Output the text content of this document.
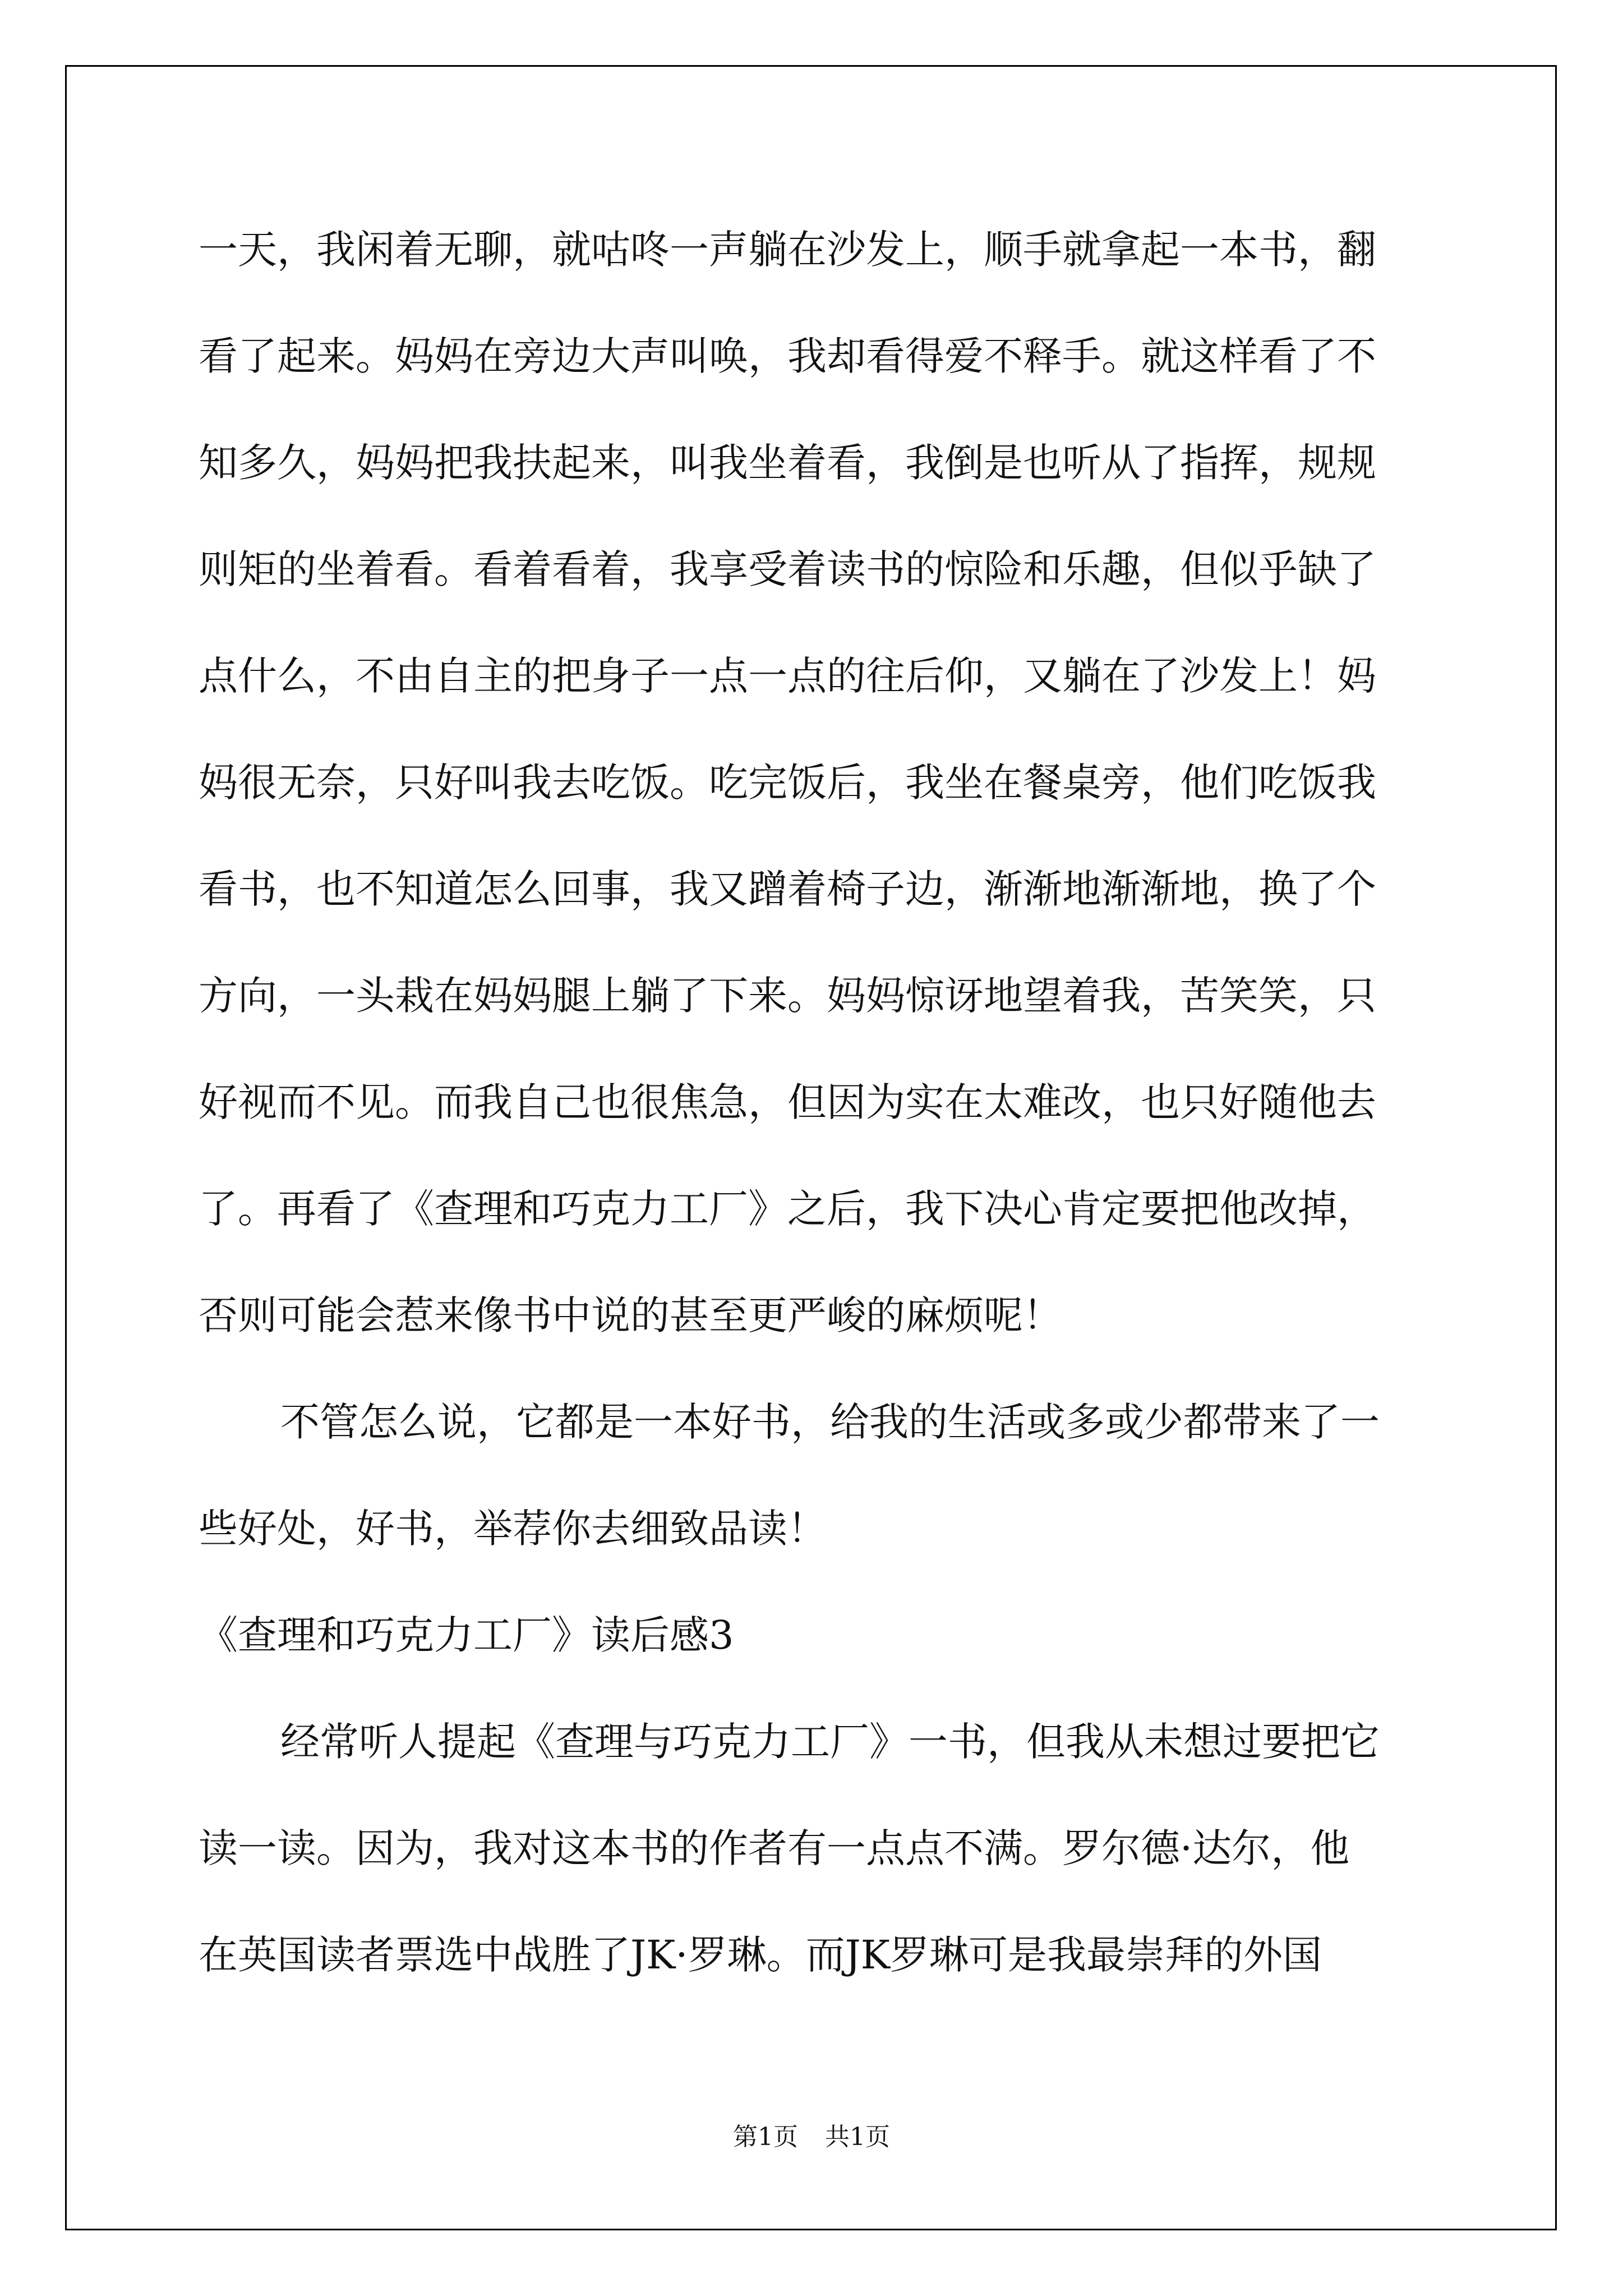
一天，我闲着无聊，就咕咚一声躺在沙发上，顺手就拿起一本书，翻
看了起来。妈妈在旁边大声叫唤，我却看得爱不释手。就这样看了不
知多久，妈妈把我扶起来，叫我坐着看，我倒是也听从了指挥，规规
则矩的坐着看。看着看着，我享受着读书的惊险和乐趣，但似乎缺了
点什么，不由自主的把身子一点一点的往后仰，又躺在了沙发上！妈
妈很无奈，只好叫我去吃饭。吃完饭后，我坐在餐桌旁，他们吃饭我
看书，也不知道怎么回事，我又蹭着椅子边，渐渐地渐渐地，换了个
方向，一头栽在妈妈腿上躺了下来。妈妈惊讶地望着我，苦笑笑，只
好视而不见。而我自己也很焦急，但因为实在太难改，也只好随他去
了。再看了《查理和巧克力工厂》之后，我下决心肯定要把他改掉，
否则可能会惹来像书中说的甚至更严峻的麻烦呢！
不管怎么说，它都是一本好书，给我的生活或多或少都带来了一
些好处，好书，举荐你去细致品读！
《查理和巧克力工厂》读后感3
经常听人提起《查理与巧克力工厂》一书，但我从未想过要把它
读一读。因为，我对这本书的作者有一点点不满。罗尔德·达尔，他
在英国读者票选中战胜了JK·罗琳。而JK罗琳可是我最崇拜的外国
第1页 共1页
